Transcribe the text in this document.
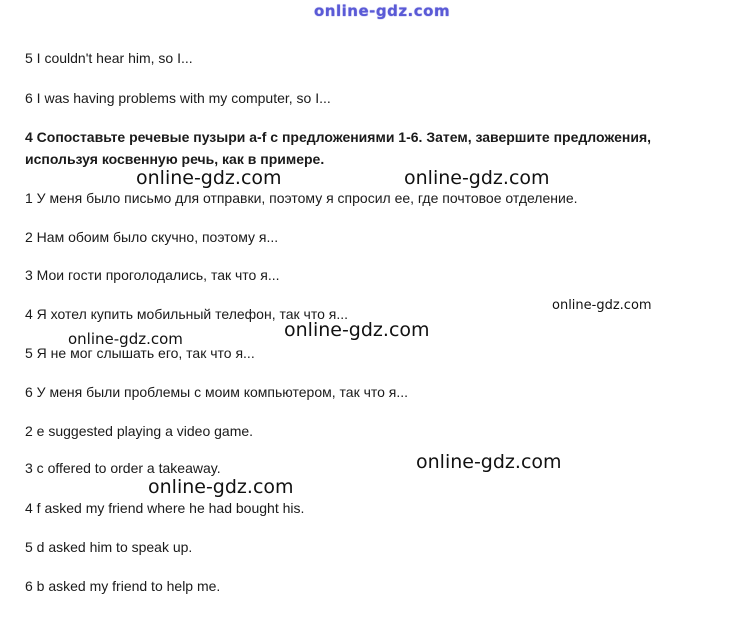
online-gdz.com
5 I couldn't hear him, so I...
6 I was having problems with my computer, so I...
4 Сопоставьте речевые пузыри a-f с предложениями 1-6. Затем, завершите предложения,
используя косвенную речь, как в примере.
online-gdz.com	online-gdz.com
1 У меня было письмо для отправки, поэтому я спросил ее, где почтовое отделение.
2 Нам обоим было скучно, поэтому я...
3 Мои гости проголодались, так что я...
online-gdz.com
4 Я хотел купить мобильный телефон, так что я...
online-gdz.com
online-gdz.com
5 Я не мог слышать его, так что я...
6 У меня были проблемы с моим компьютером, так что я...
2 e suggested playing a video game.
online-gdz.com
3 c offered to order a takeaway.
online-gdz.com
4 f asked my friend where he had bought his.
5 d asked him to speak up.
6 b asked my friend to help me.
